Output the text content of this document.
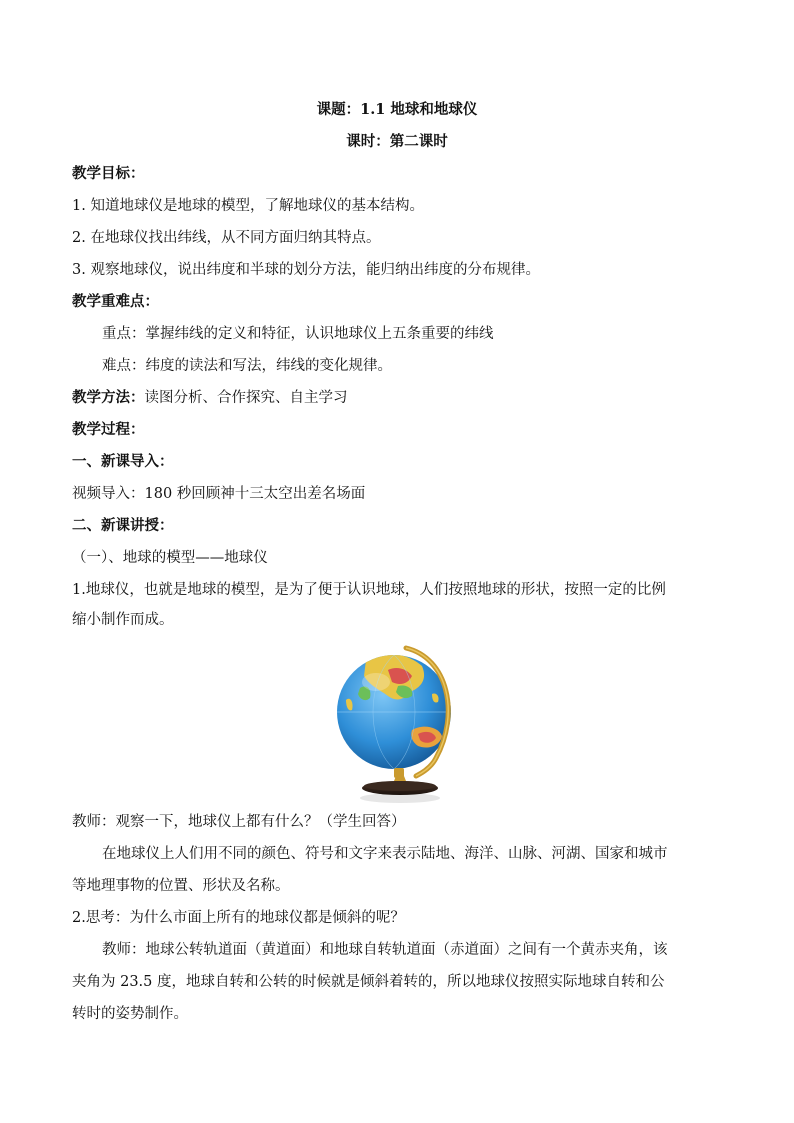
课题：1.1 地球和地球仪
课时：第二课时
教学目标：
1. 知道地球仪是地球的模型，了解地球仪的基本结构。
2. 在地球仪找出纬线，从不同方面归纳其特点。
3. 观察地球仪，说出纬度和半球的划分方法，能归纳出纬度的分布规律。
教学重难点：
重点：掌握纬线的定义和特征，认识地球仪上五条重要的纬线
难点：纬度的读法和写法，纬线的变化规律。
教学方法：读图分析、合作探究、自主学习
教学过程：
一、新课导入：
视频导入：180 秒回顾神十三太空出差名场面
二、新课讲授：
（一）、地球的模型——地球仪
1.地球仪，也就是地球的模型，是为了便于认识地球，人们按照地球的形状，按照一定的比例
缩小制作而成。
教师：观察一下，地球仪上都有什么？（学生回答）
在地球仪上人们用不同的颜色、符号和文字来表示陆地、海洋、山脉、河湖、国家和城市
等地理事物的位置、形状及名称。
2.思考：为什么市面上所有的地球仪都是倾斜的呢？
教师：地球公转轨道面（黄道面）和地球自转轨道面（赤道面）之间有一个黄赤夹角，该
夹角为 23.5 度，地球自转和公转的时候就是倾斜着转的，所以地球仪按照实际地球自转和公
转时的姿势制作。
